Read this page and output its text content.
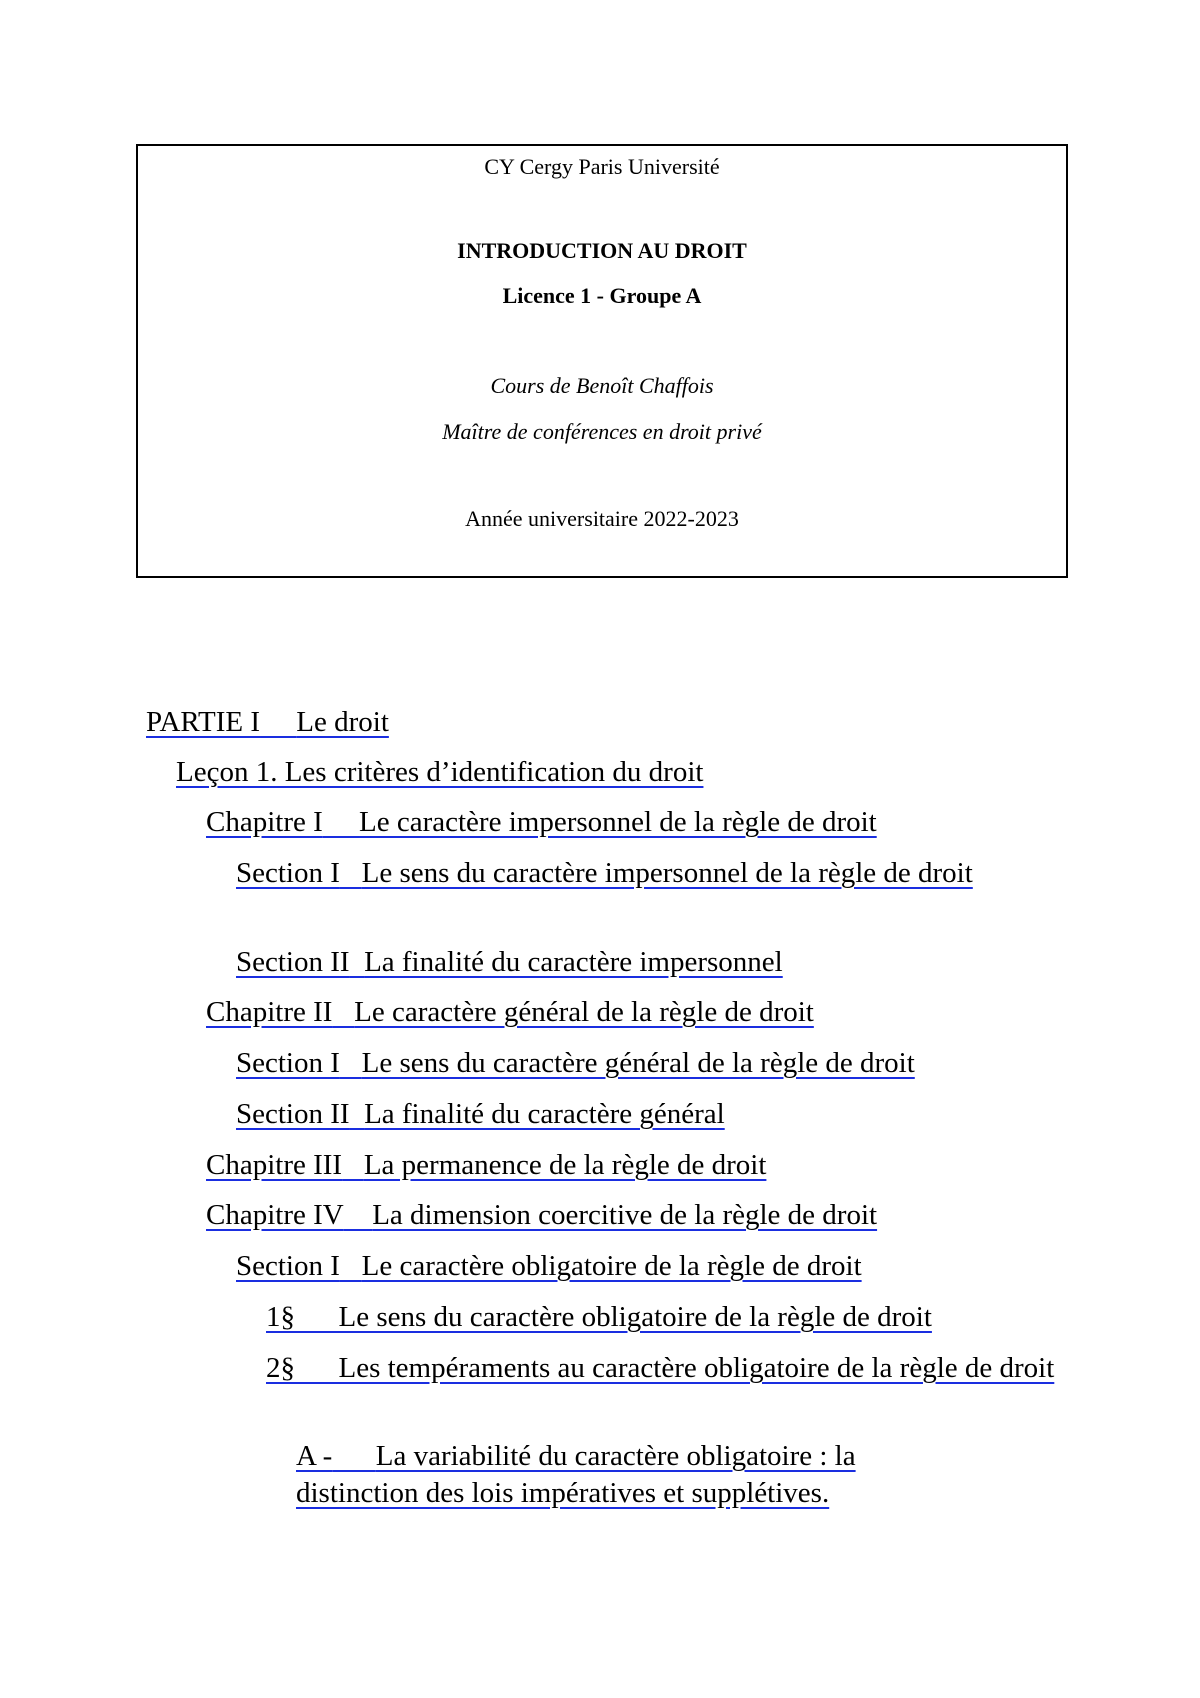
CY Cergy Paris Université
INTRODUCTION AU DROIT
Licence 1 - Groupe A
Cours de Benoît Chaffois
Maître de conférences en droit privé
Année universitaire 2022-2023
PARTIE I Le droit
Leçon 1. Les critères d’identification du droit
Chapitre I Le caractère impersonnel de la règle de droit
Section I Le sens du caractère impersonnel de la règle de droit
Section II La finalité du caractère impersonnel
Chapitre II Le caractère général de la règle de droit
Section I Le sens du caractère général de la règle de droit
Section II La finalité du caractère général
Chapitre III La permanence de la règle de droit
Chapitre IV La dimension coercitive de la règle de droit
Section I Le caractère obligatoire de la règle de droit
1§ Le sens du caractère obligatoire de la règle de droit
2§ Les tempéraments au caractère obligatoire de la règle de droit
A - La variabilité du caractère obligatoire : la distinction des lois impératives et supplétives.
